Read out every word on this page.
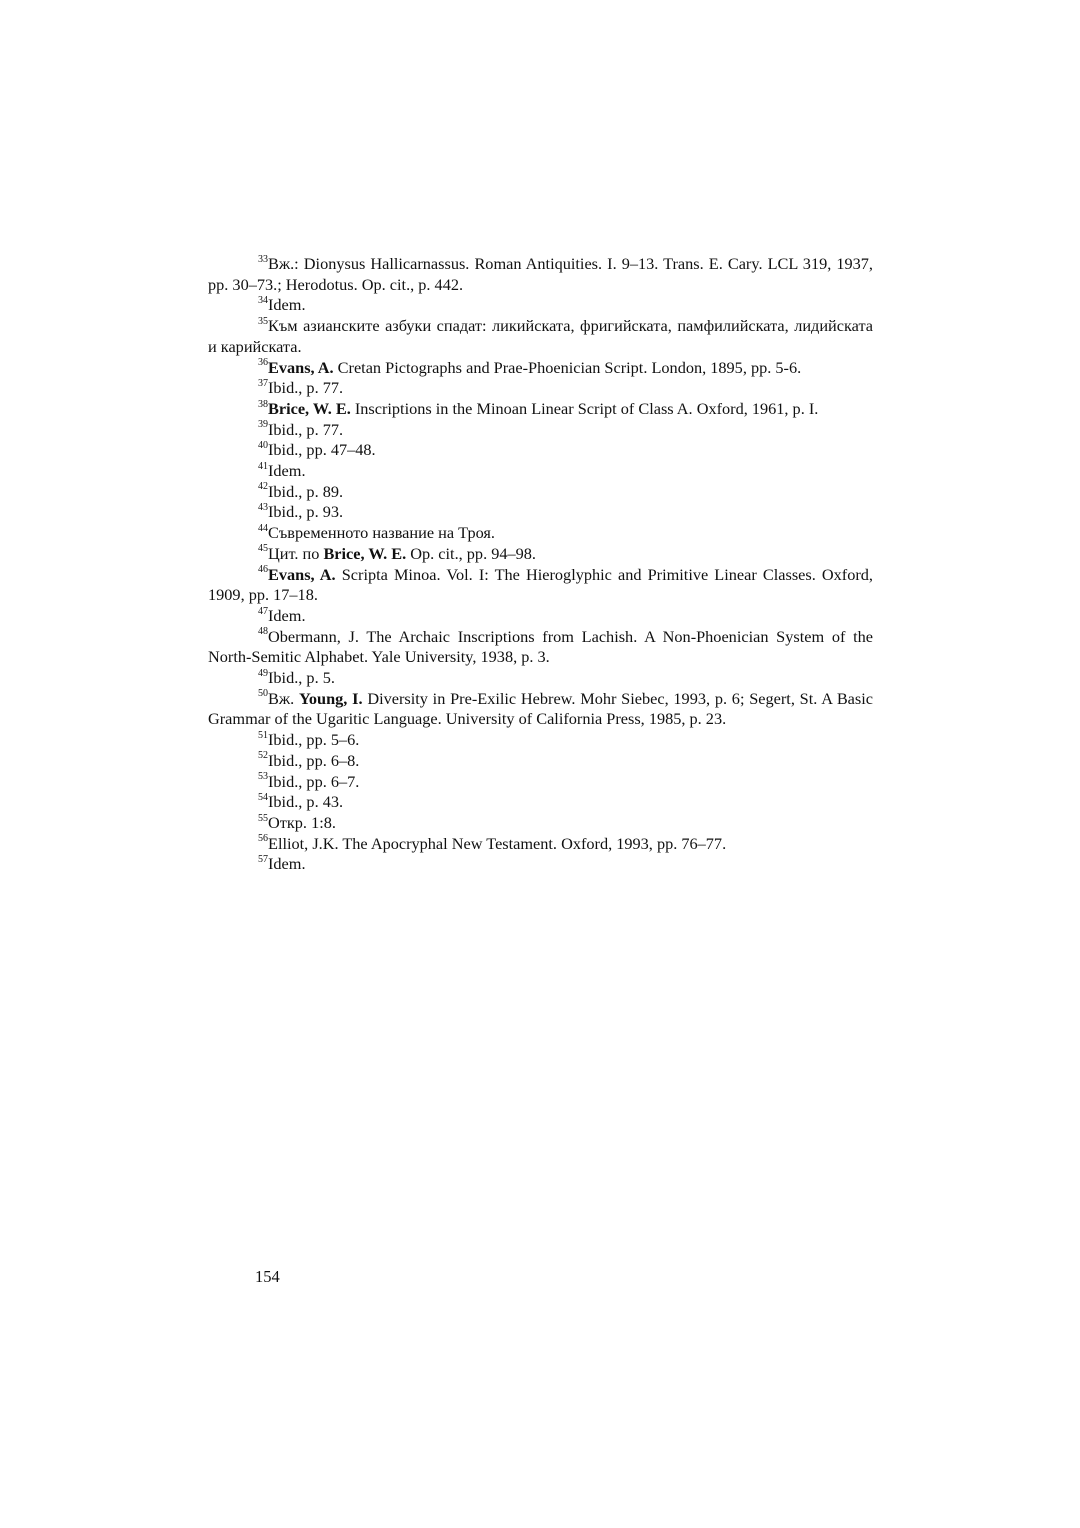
$^{33}$Вж.: Dionysus Hallicarnassus. Roman Antiquities. I. 9–13. Trans. E. Cary. LCL 319, 1937, pp. 30–73.; Herodotus. Op. cit., p. 442.

$^{34}$Idem.

$^{35}$Към азианските азбуки спадат: ликийската, фригийската, памфилийската, лидийската и карийската.

$^{36}$Evans, A. Cretan Pictographs and Prae-Phoenician Script. London, 1895, pp. 5-6.

$^{37}$Ibid., p. 77.

$^{38}$Brice, W. E. Inscriptions in the Minoan Linear Script of Class A. Oxford, 1961, p. I.

$^{39}$Ibid., p. 77.

$^{40}$Ibid., pp. 47–48.

$^{41}$Idem.

$^{42}$Ibid., p. 89.

$^{43}$Ibid., p. 93.

$^{44}$Съвременното название на Троя.

$^{45}$Цит. по Brice, W. E. Op. cit., pp. 94–98.

$^{46}$Evans, A. Scripta Minoa. Vol. I: The Hieroglyphic and Primitive Linear Classes. Oxford, 1909, pp. 17–18.

$^{47}$Idem.

$^{48}$Obermann, J. The Archaic Inscriptions from Lachish. A Non-Phoenician System of the North-Semitic Alphabet. Yale University, 1938, p. 3.

$^{49}$Ibid., p. 5.

$^{50}$Вж. Young, I. Diversity in Pre-Exilic Hebrew. Mohr Siebec, 1993, p. 6; Segert, St. A Basic Grammar of the Ugaritic Language. University of California Press, 1985, p. 23.

$^{51}$Ibid., pp. 5–6.

$^{52}$Ibid., pp. 6–8.

$^{53}$Ibid., pp. 6–7.

$^{54}$Ibid., p. 43.

$^{55}$Откр. 1:8.

$^{56}$Elliot, J.K. The Apocryphal New Testament. Oxford, 1993, pp. 76–77.

$^{57}$Idem.

154
